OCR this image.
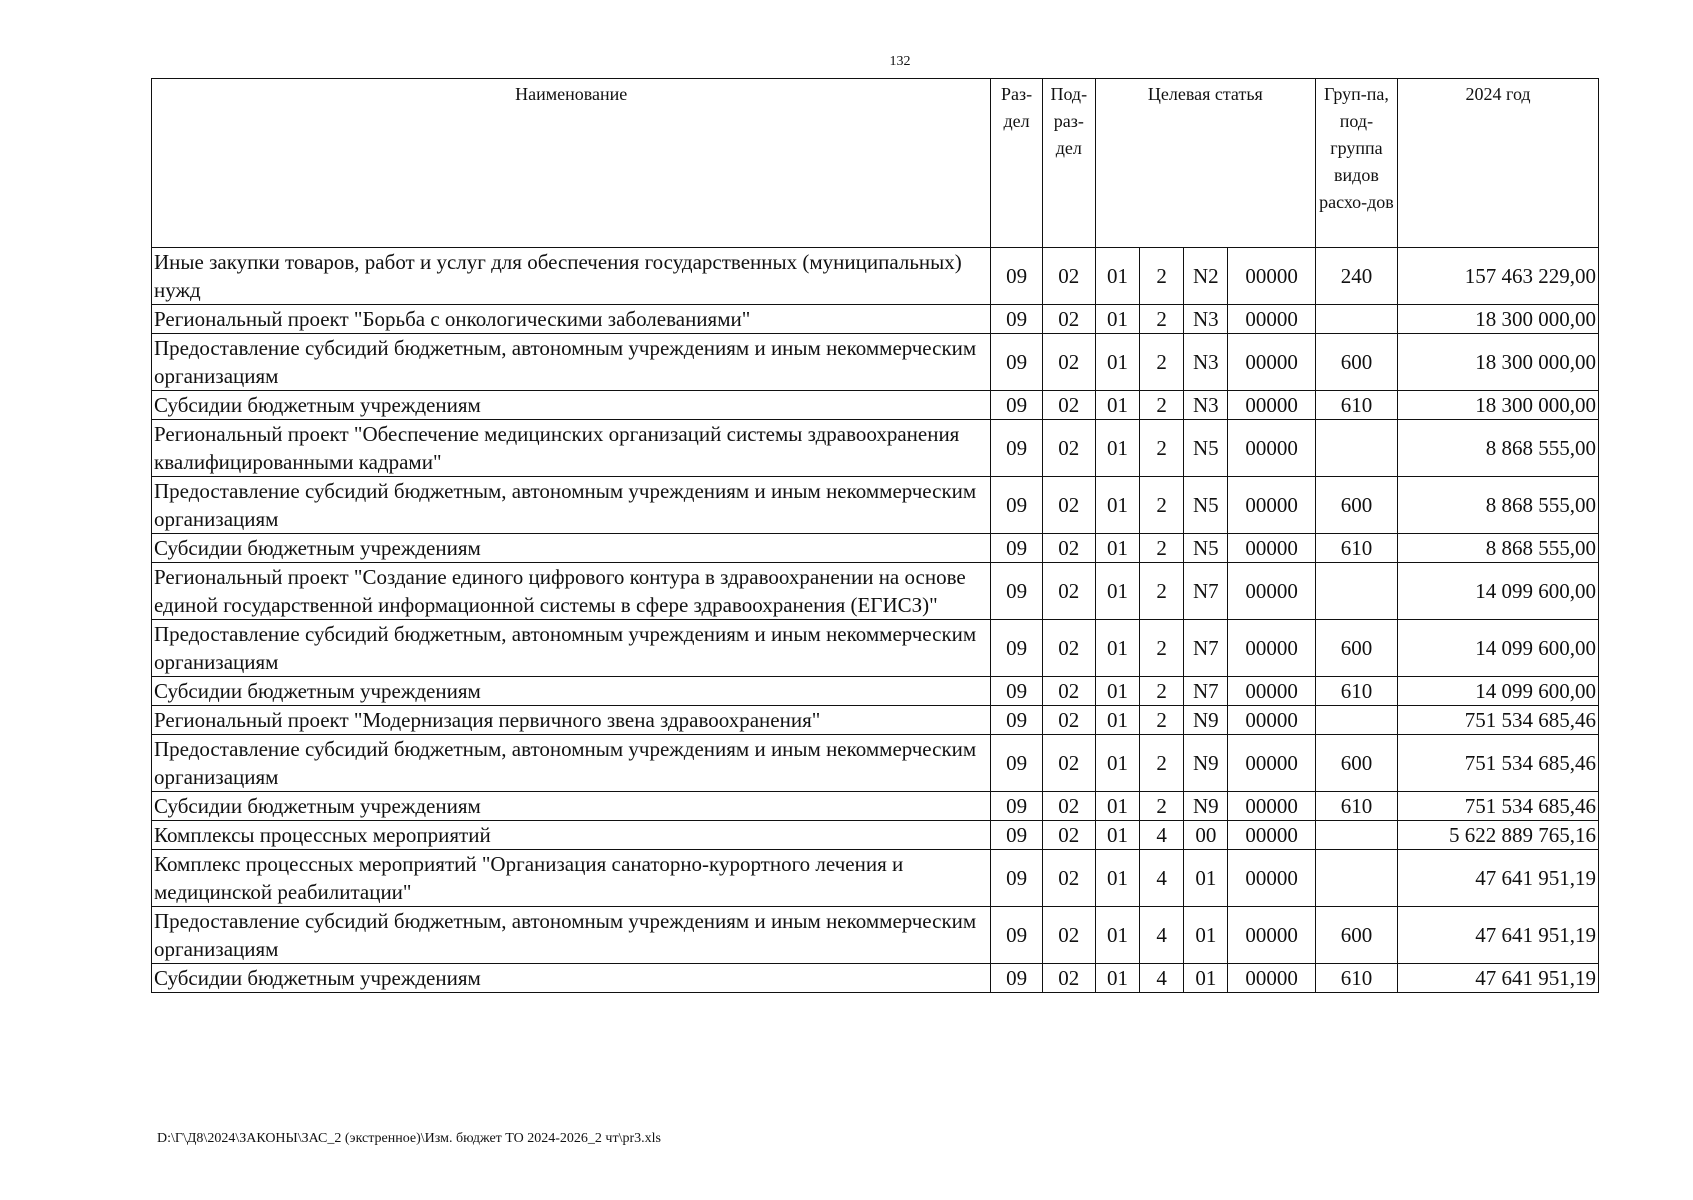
132
Наименование	Раз-дел	Под-раз-дел	Целевая статья				Груп-па, под-группа видов расхо-дов	2024 год
Иные закупки товаров, работ и услуг для обеспечения государственных (муниципальных) нужд	09	02	01	2	N2	00000	240	157 463 229,00
Региональный проект "Борьба с онкологическими заболеваниями"	09	02	01	2	N3	00000		18 300 000,00
Предоставление субсидий бюджетным, автономным учреждениям и иным некоммерческим организациям	09	02	01	2	N3	00000	600	18 300 000,00
Субсидии бюджетным учреждениям	09	02	01	2	N3	00000	610	18 300 000,00
Региональный проект "Обеспечение медицинских организаций системы здравоохранения квалифицированными кадрами"	09	02	01	2	N5	00000		8 868 555,00
Предоставление субсидий бюджетным, автономным учреждениям и иным некоммерческим организациям	09	02	01	2	N5	00000	600	8 868 555,00
Субсидии бюджетным учреждениям	09	02	01	2	N5	00000	610	8 868 555,00
Региональный проект "Создание единого цифрового контура в здравоохранении на основе единой государственной информационной системы в сфере здравоохранения (ЕГИСЗ)"	09	02	01	2	N7	00000		14 099 600,00
Предоставление субсидий бюджетным, автономным учреждениям и иным некоммерческим организациям	09	02	01	2	N7	00000	600	14 099 600,00
Субсидии бюджетным учреждениям	09	02	01	2	N7	00000	610	14 099 600,00
Региональный проект "Модернизация первичного звена здравоохранения"	09	02	01	2	N9	00000		751 534 685,46
Предоставление субсидий бюджетным, автономным учреждениям и иным некоммерческим организациям	09	02	01	2	N9	00000	600	751 534 685,46
Субсидии бюджетным учреждениям	09	02	01	2	N9	00000	610	751 534 685,46
Комплексы процессных мероприятий	09	02	01	4	00	00000		5 622 889 765,16
Комплекс процессных мероприятий "Организация санаторно-курортного лечения и медицинской реабилитации"	09	02	01	4	01	00000		47 641 951,19
Предоставление субсидий бюджетным, автономным учреждениям и иным некоммерческим организациям	09	02	01	4	01	00000	600	47 641 951,19
Субсидии бюджетным учреждениям	09	02	01	4	01	00000	610	47 641 951,19
D:\Г\Д8\2024\ЗАКОНЫ\ЗАС_2 (экстренное)\Изм. бюджет ТО 2024-2026_2 чт\pr3.xls
